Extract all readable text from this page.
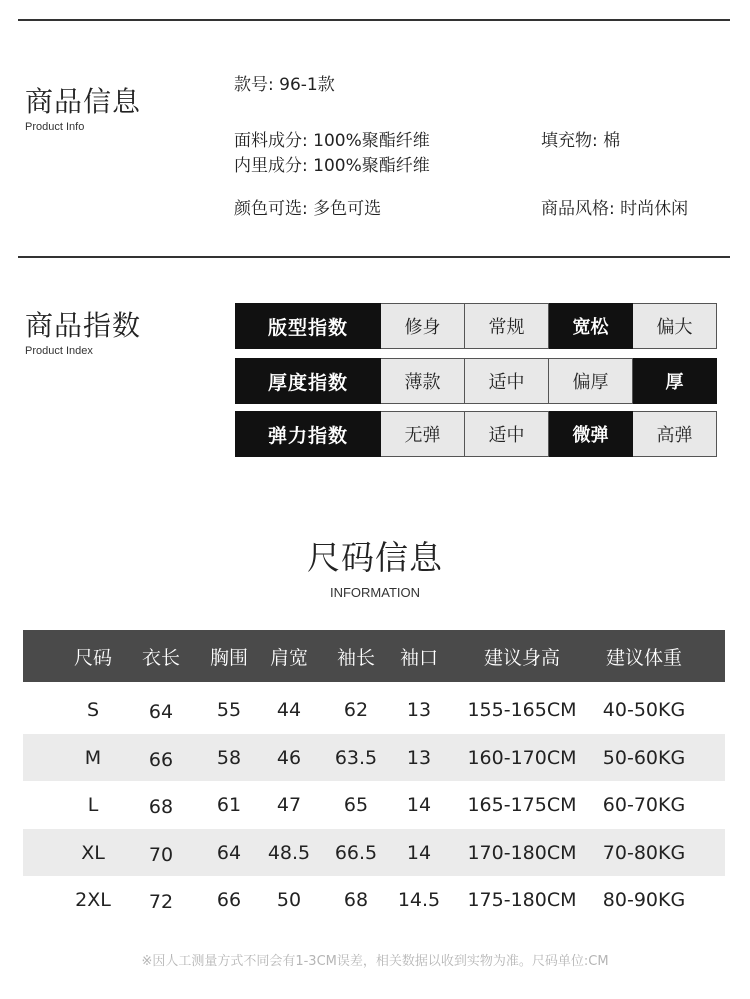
商品信息
Product Info
款号: 96-1款
面料成分: 100%聚酯纤维	填充物: 棉
内里成分: 100%聚酯纤维
颜色可选: 多色可选	商品风格: 时尚休闲
商品指数
Product Index
版型指数	修身	常规	宽松	偏大
厚度指数	薄款	适中	偏厚	厚
弹力指数	无弹	适中	微弹	高弹
尺码信息
INFORMATION
尺码	衣长	胸围	肩宽	袖长	袖口	建议身高	建议体重
S	64	55	44	62	13	155-165CM	40-50KG
M	66	58	46	63.5	13	160-170CM	50-60KG
L	68	61	47	65	14	165-175CM	60-70KG
XL	70	64	48.5	66.5	14	170-180CM	70-80KG
2XL	72	66	50	68	14.5	175-180CM	80-90KG
※因人工测量方式不同会有1-3CM误差，相关数据以收到实物为准。尺码单位:CM
